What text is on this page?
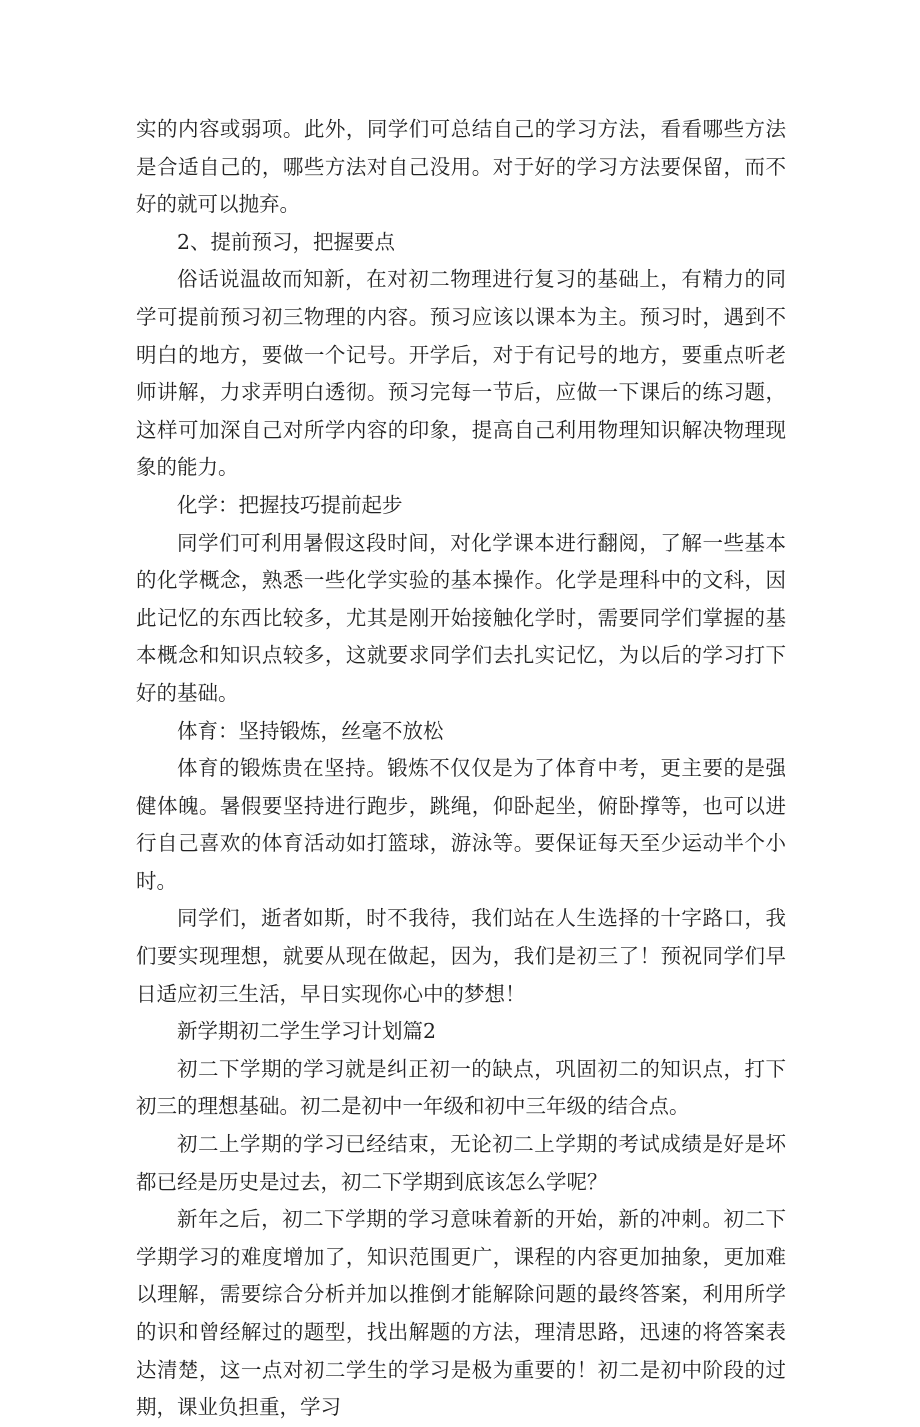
实的内容或弱项。此外，同学们可总结自己的学习方法，看看哪些方法是合适自己的，哪些方法对自己没用。对于好的学习方法要保留，而不好的就可以抛弃。

2、提前预习，把握要点

俗话说温故而知新，在对初二物理进行复习的基础上，有精力的同学可提前预习初三物理的内容。预习应该以课本为主。预习时，遇到不明白的地方，要做一个记号。开学后，对于有记号的地方，要重点听老师讲解，力求弄明白透彻。预习完每一节后，应做一下课后的练习题，这样可加深自己对所学内容的印象，提高自己利用物理知识解决物理现象的能力。

化学：把握技巧提前起步

同学们可利用暑假这段时间，对化学课本进行翻阅，了解一些基本的化学概念，熟悉一些化学实验的基本操作。化学是理科中的文科，因此记忆的东西比较多，尤其是刚开始接触化学时，需要同学们掌握的基本概念和知识点较多，这就要求同学们去扎实记忆，为以后的学习打下好的基础。

体育：坚持锻炼，丝毫不放松

体育的锻炼贵在坚持。锻炼不仅仅是为了体育中考，更主要的是强健体魄。暑假要坚持进行跑步，跳绳，仰卧起坐，俯卧撑等，也可以进行自己喜欢的体育活动如打篮球，游泳等。要保证每天至少运动半个小时。

同学们，逝者如斯，时不我待，我们站在人生选择的十字路口，我们要实现理想，就要从现在做起，因为，我们是初三了！预祝同学们早日适应初三生活，早日实现你心中的梦想！

新学期初二学生学习计划篇2

初二下学期的学习就是纠正初一的缺点，巩固初二的知识点，打下初三的理想基础。初二是初中一年级和初中三年级的结合点。

初二上学期的学习已经结束，无论初二上学期的考试成绩是好是坏都已经是历史是过去，初二下学期到底该怎么学呢？

新年之后，初二下学期的学习意味着新的开始，新的冲刺。初二下学期学习的难度增加了，知识范围更广，课程的内容更加抽象，更加难以理解，需要综合分析并加以推倒才能解除问题的最终答案，利用所学的识和曾经解过的题型，找出解题的方法，理清思路，迅速的将答案表达清楚，这一点对初二学生的学习是极为重要的！初二是初中阶段的过期，课业负担重，学习
